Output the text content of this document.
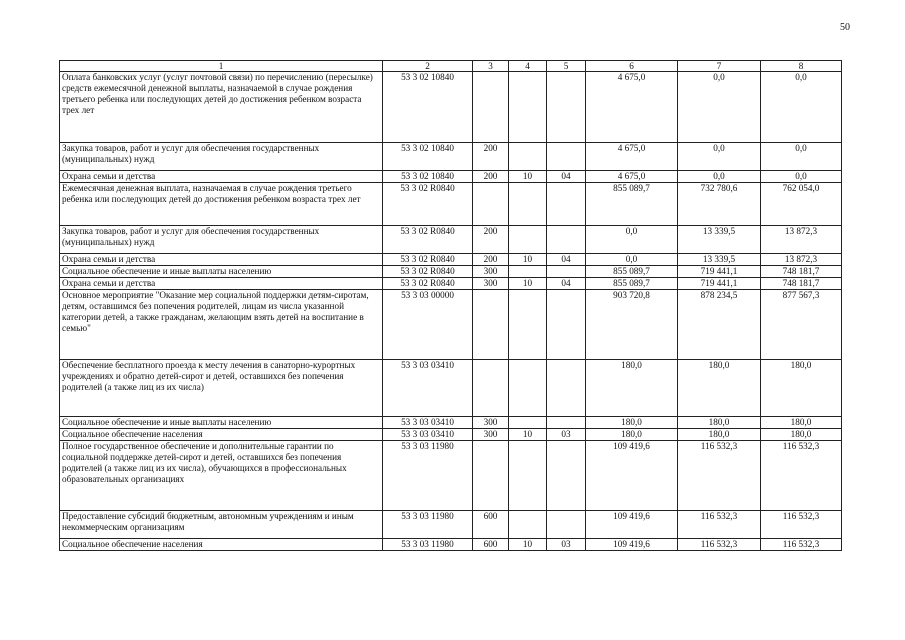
50
1	2	3	4	5	6	7	8
Оплата банковских услуг (услуг почтовой связи) по перечислению (пересылке) средств ежемесячной денежной выплаты, назначаемой в случае рождения третьего ребенка или последующих детей до достижения ребенком возраста трех лет	53 3 02 10840				4 675,0	0,0	0,0
Закупка товаров, работ и услуг для обеспечения государственных (муниципальных) нужд	53 3 02 10840	200			4 675,0	0,0	0,0
Охрана семьи и детства	53 3 02 10840	200	10	04	4 675,0	0,0	0,0
Ежемесячная денежная выплата, назначаемая в случае рождения третьего ребенка или последующих детей до достижения ребенком возраста трех лет	53 3 02 R0840				855 089,7	732 780,6	762 054,0
Закупка товаров, работ и услуг для обеспечения государственных (муниципальных) нужд	53 3 02 R0840	200			0,0	13 339,5	13 872,3
Охрана семьи и детства	53 3 02 R0840	200	10	04	0,0	13 339,5	13 872,3
Социальное обеспечение и иные выплаты населению	53 3 02 R0840	300			855 089,7	719 441,1	748 181,7
Охрана семьи и детства	53 3 02 R0840	300	10	04	855 089,7	719 441,1	748 181,7
Основное мероприятие "Оказание мер социальной поддержки детям-сиротам, детям, оставшимся без попечения родителей, лицам из числа указанной категории детей, а также гражданам, желающим взять детей на воспитание в семью"	53 3 03 00000				903 720,8	878 234,5	877 567,3
Обеспечение бесплатного проезда к месту лечения в санаторно-курортных учреждениях и обратно детей-сирот и детей, оставшихся без попечения родителей (а также лиц из их числа)	53 3 03 03410				180,0	180,0	180,0
Социальное обеспечение и иные выплаты населению	53 3 03 03410	300			180,0	180,0	180,0
Социальное обеспечение населения	53 3 03 03410	300	10	03	180,0	180,0	180,0
Полное государственное обеспечение и дополнительные гарантии по социальной поддержке детей-сирот и детей, оставшихся без попечения родителей (а также лиц из их числа), обучающихся в профессиональных образовательных организациях	53 3 03 11980				109 419,6	116 532,3	116 532,3
Предоставление субсидий бюджетным, автономным учреждениям и иным некоммерческим организациям	53 3 03 11980	600			109 419,6	116 532,3	116 532,3
Социальное обеспечение населения	53 3 03 11980	600	10	03	109 419,6	116 532,3	116 532,3
